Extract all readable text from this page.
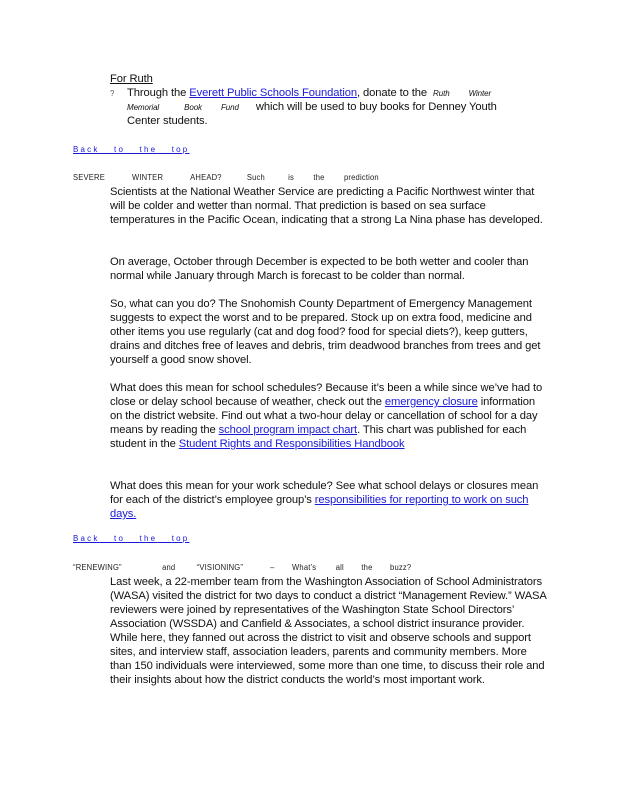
For Ruth
? Through the Everett Public Schools Foundation, donate to the Ruth Winter
Memorial	Book Fund which will be used to buy books for Denney Youth
Center students.
Back to the top
SEVERE	WINTER	AHEAD?	Such	is the prediction
Scientists at the National Weather Service are predicting a Pacific Northwest winter that will be colder and wetter than normal. That prediction is based on sea surface temperatures in the Pacific Ocean, indicating that a strong La Nina phase has developed.
On average, October through December is expected to be both wetter and cooler than normal while January through March is forecast to be colder than normal.
So, what can you do? The Snohomish County Department of Emergency Management suggests to expect the worst and to be prepared. Stock up on extra food, medicine and other items you use regularly (cat and dog food? food for special diets?), keep gutters, drains and ditches free of leaves and debris, trim deadwood branches from trees and get yourself a good snow shovel.
What does this mean for school schedules? Because it’s been a while since we’ve had to close or delay school because of weather, check out the emergency closure information on the district website. Find out what a two-hour delay or cancellation of school for a day means by reading the school program impact chart. This chart was published for each student in the Student Rights and Responsibilities Handbook
What does this mean for your work schedule? See what school delays or closures mean for each of the district’s employee group’s responsibilities for reporting to work on such days.
Back to the top
“RENEWING”	and	“VISIONING”	– What’s all the buzz?
Last week, a 22-member team from the Washington Association of School Administrators (WASA) visited the district for two days to conduct a district “Management Review.” WASA reviewers were joined by representatives of the Washington State School Directors’ Association (WSSDA) and Canfield & Associates, a school district insurance provider. While here, they fanned out across the district to visit and observe schools and support sites, and interview staff, association leaders, parents and community members. More than 150 individuals were interviewed, some more than one time, to discuss their role and their insights about how the district conducts the world’s most important work.
